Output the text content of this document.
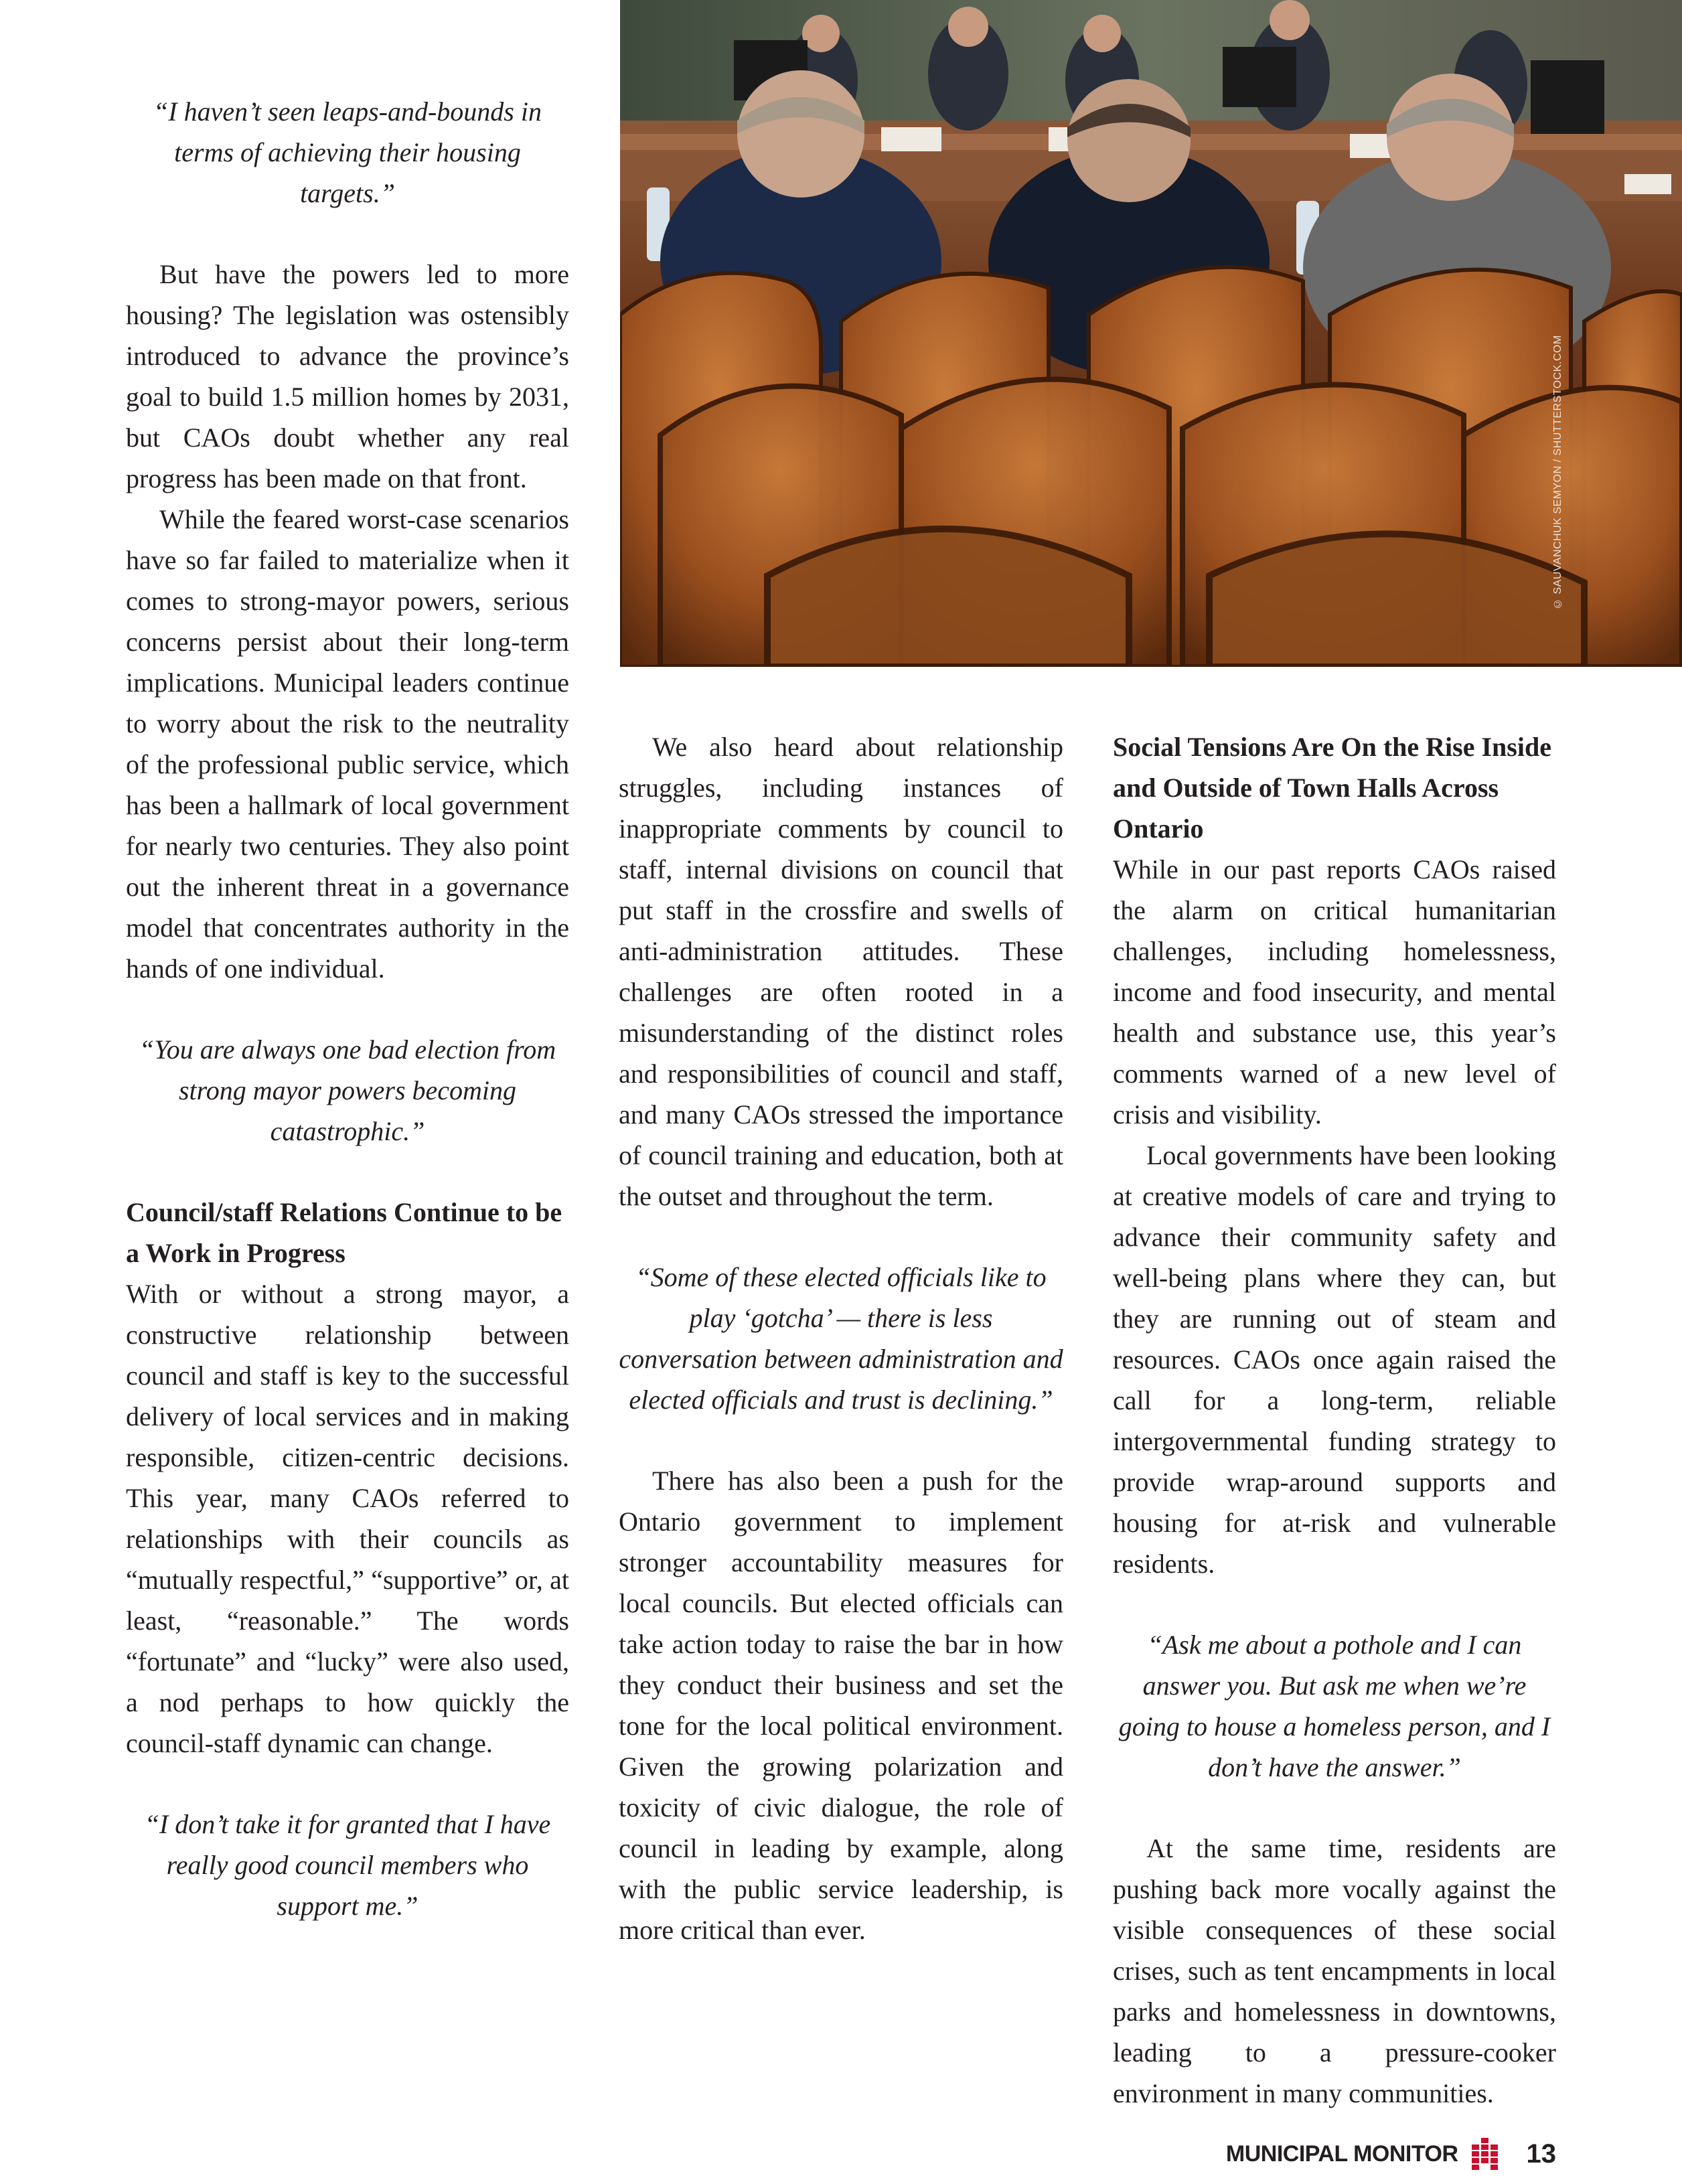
“I haven’t seen leaps-and-bounds in terms of achieving their housing targets.”

But have the powers led to more housing? The legislation was ostensibly introduced to advance the province’s goal to build 1.5 million homes by 2031, but CAOs doubt whether any real progress has been made on that front.

While the feared worst-case scenarios have so far failed to materialize when it comes to strong-mayor powers, serious concerns persist about their long-term implications. Municipal leaders continue to worry about the risk to the neutrality of the professional public service, which has been a hallmark of local government for nearly two centuries. They also point out the inherent threat in a governance model that concentrates authority in the hands of one individual.

“You are always one bad election from strong mayor powers becoming catastrophic.”

Council/staff Relations Continue to be a Work in Progress

With or without a strong mayor, a constructive relationship between council and staff is key to the successful delivery of local services and in making responsible, citizen-centric decisions. This year, many CAOs referred to relationships with their councils as “mutually respectful,” “supportive” or, at least, “reasonable.” The words “fortunate” and “lucky” were also used, a nod perhaps to how quickly the council-staff dynamic can change.

“I don’t take it for granted that I have really good council members who support me.”

© SAUVANCHUK SEMYON / SHUTTERSTOCK.COM

We also heard about relationship struggles, including instances of inappropriate comments by council to staff, internal divisions on council that put staff in the crossfire and swells of anti-administration attitudes. These challenges are often rooted in a misunderstanding of the distinct roles and responsibilities of council and staff, and many CAOs stressed the importance of council training and education, both at the outset and throughout the term.

“Some of these elected officials like to play ‘gotcha’ — there is less conversation between administration and elected officials and trust is declining.”

There has also been a push for the Ontario government to implement stronger accountability measures for local councils. But elected officials can take action today to raise the bar in how they conduct their business and set the tone for the local political environment. Given the growing polarization and toxicity of civic dialogue, the role of council in leading by example, along with the public service leadership, is more critical than ever.

Social Tensions Are On the Rise Inside and Outside of Town Halls Across Ontario

While in our past reports CAOs raised the alarm on critical humanitarian challenges, including homelessness, income and food insecurity, and mental health and substance use, this year’s comments warned of a new level of crisis and visibility.

Local governments have been looking at creative models of care and trying to advance their community safety and well-being plans where they can, but they are running out of steam and resources. CAOs once again raised the call for a long-term, reliable intergovernmental funding strategy to provide wrap-around supports and housing for at-risk and vulnerable residents.

“Ask me about a pothole and I can answer you. But ask me when we’re going to house a homeless person, and I don’t have the answer.”

At the same time, residents are pushing back more vocally against the visible consequences of these social crises, such as tent encampments in local parks and homelessness in downtowns, leading to a pressure-cooker environment in many communities.

MUNICIPAL MONITOR	13
